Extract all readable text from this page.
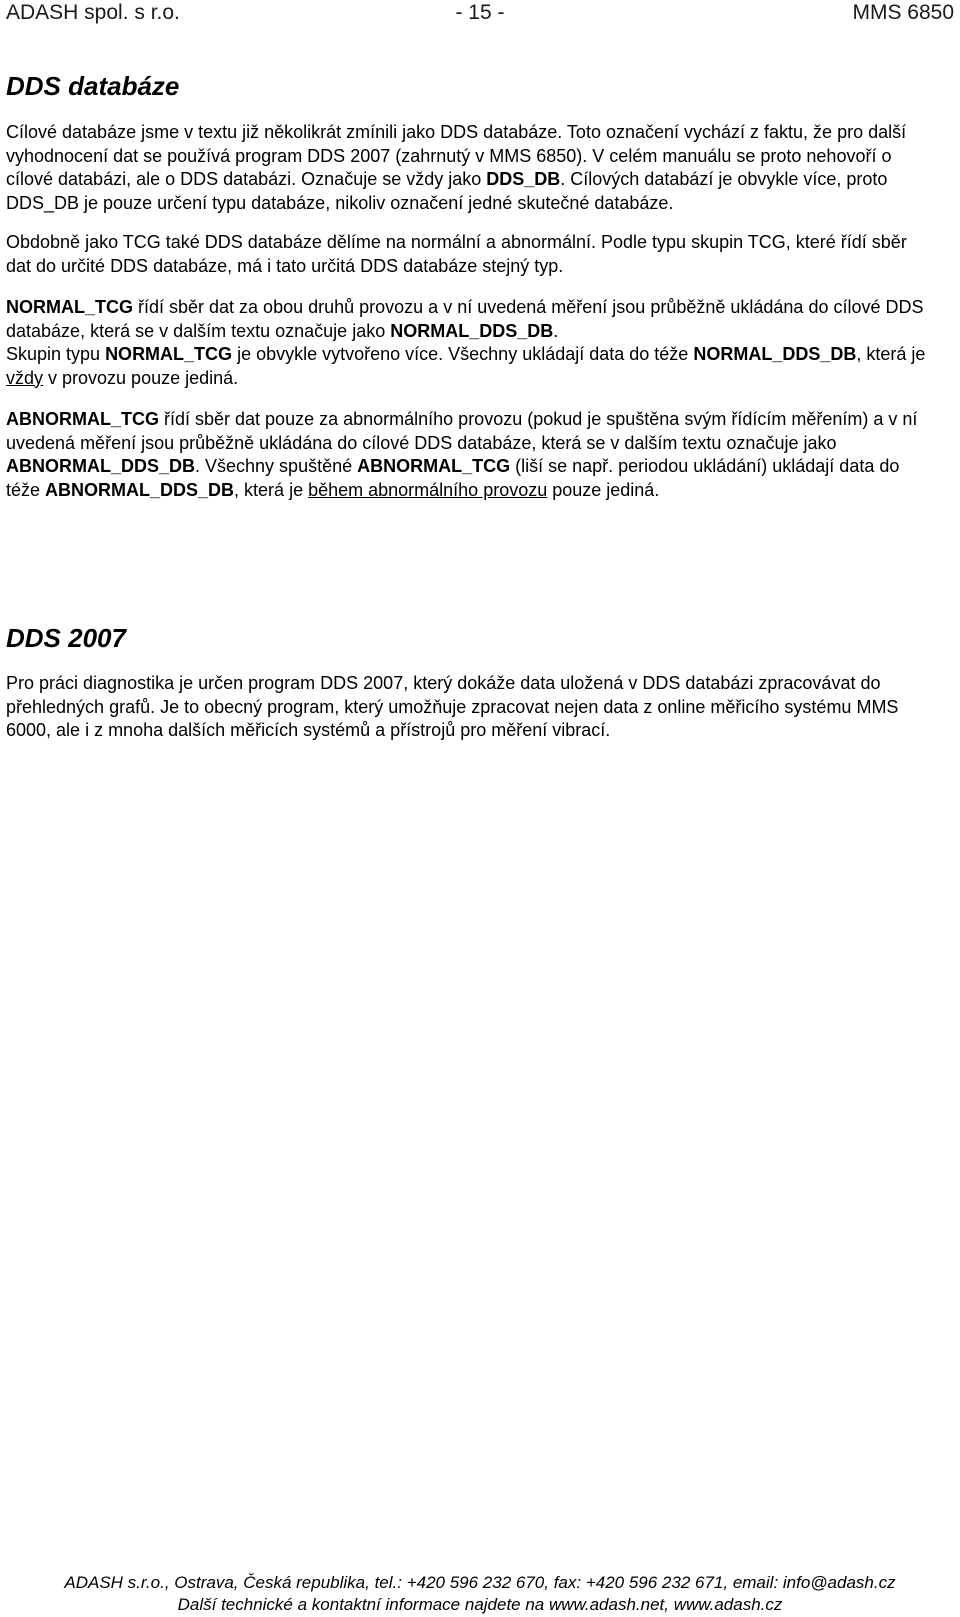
ADASH spol. s r.o.	- 15 -	MMS 6850
DDS databáze

Cílové databáze jsme v textu již několikrát zmínili jako DDS databáze. Toto označení vychází z faktu, že pro další vyhodnocení dat se používá program DDS 2007 (zahrnutý v MMS 6850). V celém manuálu se proto nehovoří o cílové databázi, ale o DDS databázi. Označuje se vždy jako DDS_DB. Cílových databází je obvykle více, proto DDS_DB je pouze určení typu databáze, nikoliv označení jedné skutečné databáze.

Obdobně jako TCG také DDS databáze dělíme na normální a abnormální. Podle typu skupin TCG, které řídí sběr dat do určité DDS databáze, má i tato určitá DDS databáze stejný typ.

NORMAL_TCG řídí sběr dat za obou druhů provozu a v ní uvedená měření jsou průběžně ukládána do cílové DDS databáze, která se v dalším textu označuje jako NORMAL_DDS_DB.
Skupin typu NORMAL_TCG je obvykle vytvořeno více. Všechny ukládají data do téže NORMAL_DDS_DB, která je vždy v provozu pouze jediná.

ABNORMAL_TCG řídí sběr dat pouze za abnormálního provozu (pokud je spuštěna svým řídícím měřením) a v ní uvedená měření jsou průběžně ukládána do cílové DDS databáze, která se v dalším textu označuje jako ABNORMAL_DDS_DB. Všechny spuštěné ABNORMAL_TCG (liší se např. periodou ukládání) ukládají data do téže ABNORMAL_DDS_DB, která je během abnormálního provozu pouze jediná.

DDS 2007

Pro práci diagnostika je určen program DDS 2007, který dokáže data uložená v DDS databázi zpracovávat do přehledných grafů. Je to obecný program, který umožňuje zpracovat nejen data z online měřicího systému MMS 6000, ale i z mnoha dalších měřicích systémů a přístrojů pro měření vibrací.

ADASH s.r.o., Ostrava, Česká republika, tel.: +420 596 232 670, fax: +420 596 232 671, email: info@adash.cz
Další technické a kontaktní informace najdete na www.adash.net, www.adash.cz
